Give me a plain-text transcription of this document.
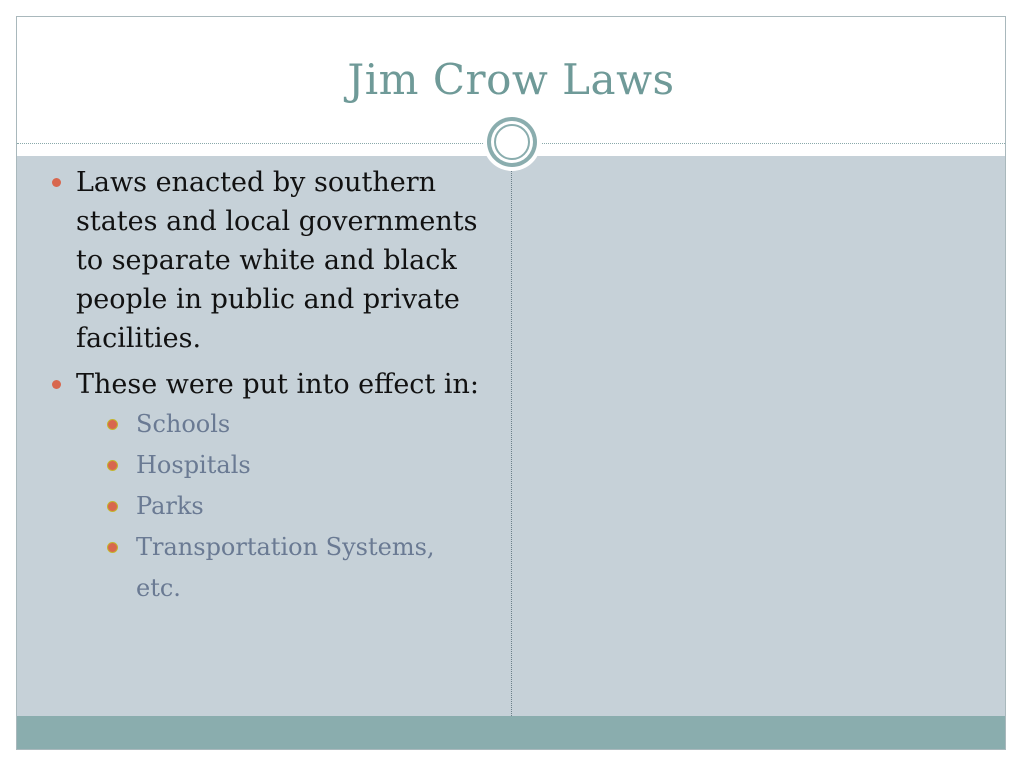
Jim Crow Laws
Laws enacted by southern states and local governments to separate white and black people in public and private facilities.
These were put into effect in:
Schools
Hospitals
Parks
Transportation Systems, etc.
